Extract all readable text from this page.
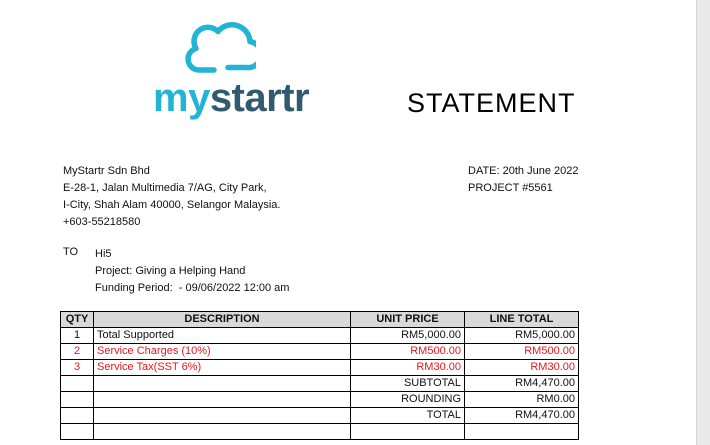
mystartr	STATEMENT
MyStartr Sdn Bhd
E-28-1, Jalan Multimedia 7/AG, City Park,
I-City, Shah Alam 40000, Selangor Malaysia.
+603-55218580
DATE: 20th June 2022
PROJECT #5561
TO Hi5
Project: Giving a Helping Hand
Funding Period:  - 09/06/2022 12:00 am
QTY	DESCRIPTION	UNIT PRICE	LINE TOTAL
1	Total Supported	RM5,000.00	RM5,000.00
2	Service Charges (10%)	RM500.00	RM500.00
3	Service Tax(SST 6%)	RM30.00	RM30.00
		SUBTOTAL	RM4,470.00
		ROUNDING	RM0.00
		TOTAL	RM4,470.00
